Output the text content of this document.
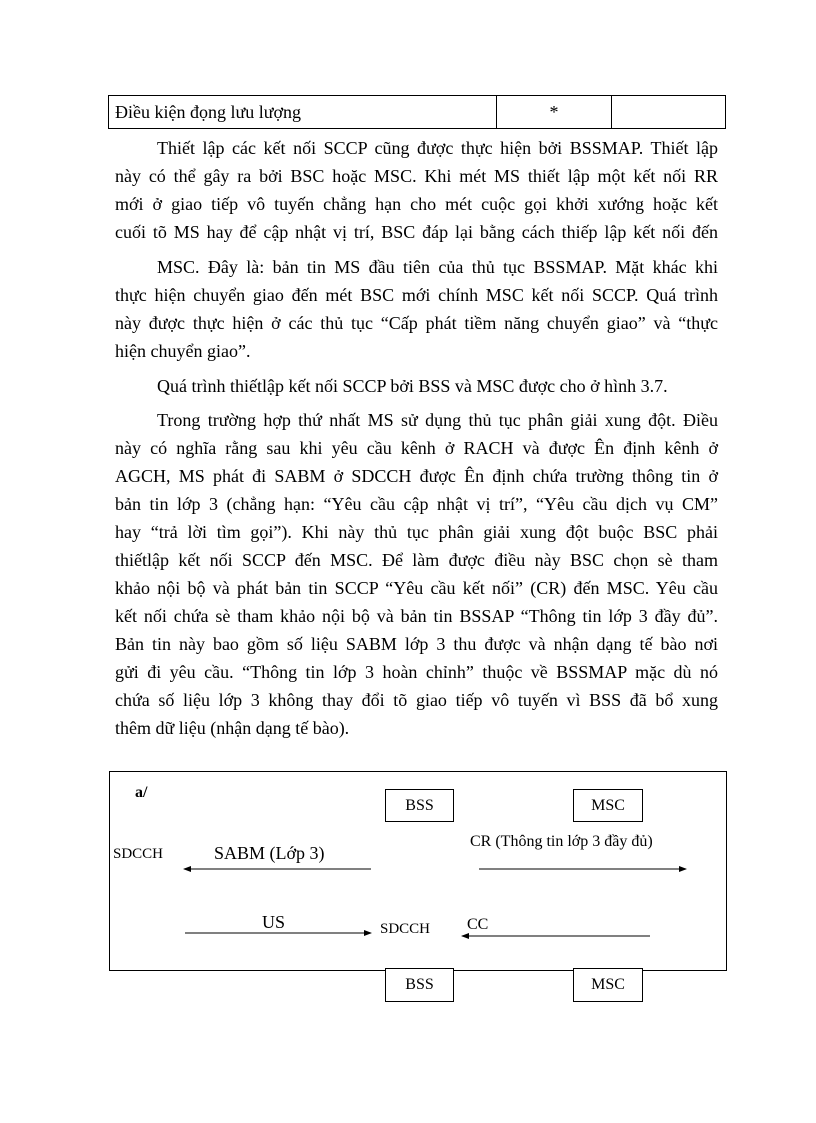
Điều kiện đọng lưu lượng	*
Thiết lập các kết nối SCCP cũng được thực hiện bởi BSSMAP. Thiết lập
này có thể gây ra bởi BSC hoặc MSC. Khi mét MS thiết lập một kết nối RR
mới ở giao tiếp vô tuyến chẳng hạn cho mét cuộc gọi khởi xướng hoặc kết
cuối tõ MS hay để cập nhật vị trí, BSC đáp lại bằng cách thiếp lập kết nối đến
MSC. Đây là: bản tin MS đầu tiên của thủ tục BSSMAP. Mặt khác khi
thực hiện chuyển giao đến mét BSC mới chính MSC kết nối SCCP. Quá trình
này được thực hiện ở các thủ tục “Cấp phát tiềm năng chuyển giao” và “thực
hiện chuyển giao”.
Quá trình thiếtlập kết nối SCCP bởi BSS và MSC được cho ở hình 3.7.
Trong trường hợp thứ nhất MS sử dụng thủ tục phân giải xung đột. Điều
này có nghĩa rằng sau khi yêu cầu kênh ở RACH và được Ên định kênh ở
AGCH, MS phát đi SABM ở SDCCH được Ên định chứa trường thông tin ở
bản tin lớp 3 (chẳng hạn: “Yêu cầu cập nhật vị trí”, “Yêu cầu dịch vụ CM”
hay “trả lời tìm gọi”). Khi này thủ tục phân giải xung đột buộc BSC phải
thiếtlập kết nối SCCP đến MSC. Để làm được điều này BSC chọn sè tham
khảo nội bộ và phát bản tin SCCP “Yêu cầu kết nối” (CR) đến MSC. Yêu cầu
kết nối chứa sè tham khảo nội bộ và bản tin BSSAP “Thông tin lớp 3 đầy đủ”.
Bản tin này bao gồm số liệu SABM lớp 3 thu được và nhận dạng tế bào nơi
gửi đi yêu cầu. “Thông tin lớp 3 hoàn chỉnh” thuộc về BSSMAP mặc dù nó
chứa số liệu lớp 3 không thay đổi tõ giao tiếp vô tuyến vì BSS đã bổ xung
thêm dữ liệu (nhận dạng tế bào).
a/
BSS	MSC
SDCCH	SABM (Lớp 3)
CR (Thông tin lớp 3 đầy đủ)
US	SDCCH CC
BSS	MSC
